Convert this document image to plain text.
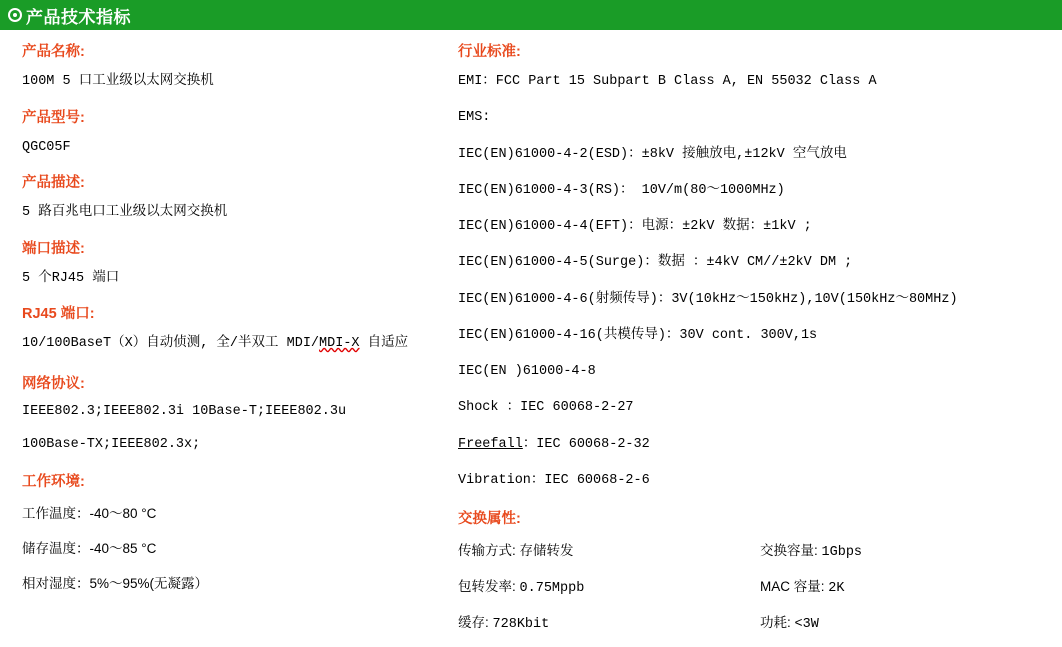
产品技术指标
产品名称:
100M 5 口工业级以太网交换机
产品型号:
QGC05F
产品描述:
5 路百兆电口工业级以太网交换机
端口描述:
5 个RJ45 端口
RJ45 端口:
10/100BaseT（X）自动侦测, 全/半双工 MDI/MDI-X 自适应
网络协议:
IEEE802.3;IEEE802.3i 10Base-T;IEEE802.3u
100Base-TX;IEEE802.3x;
工作环境:
工作温度：-40～80 °C
储存温度：-40～85 °C
相对湿度：5%～95%(无凝露）
行业标准:
EMI：FCC Part 15 Subpart B Class A, EN 55032 Class A
EMS:
IEC(EN)61000-4-2(ESD)：±8kV 接触放电,±12kV 空气放电
IEC(EN)61000-4-3(RS)： 10V/m(80～1000MHz)
IEC(EN)61000-4-4(EFT)：电源：±2kV 数据：±1kV ;
IEC(EN)61000-4-5(Surge)：数据 ：±4kV CM//±2kV DM ;
IEC(EN)61000-4-6(射频传导)：3V(10kHz～150kHz),10V(150kHz～80MHz)
IEC(EN)61000-4-16(共模传导)：30V cont. 300V,1s
IEC(EN )61000-4-8
Shock ：IEC 60068-2-27
Freefall：IEC 60068-2-32
Vibration：IEC 60068-2-6
交换属性:
传输方式: 存储转发	交换容量: 1Gbps
包转发率: 0.75Mppb	MAC 容量: 2K
缓存: 728Kbit	功耗: <3W
